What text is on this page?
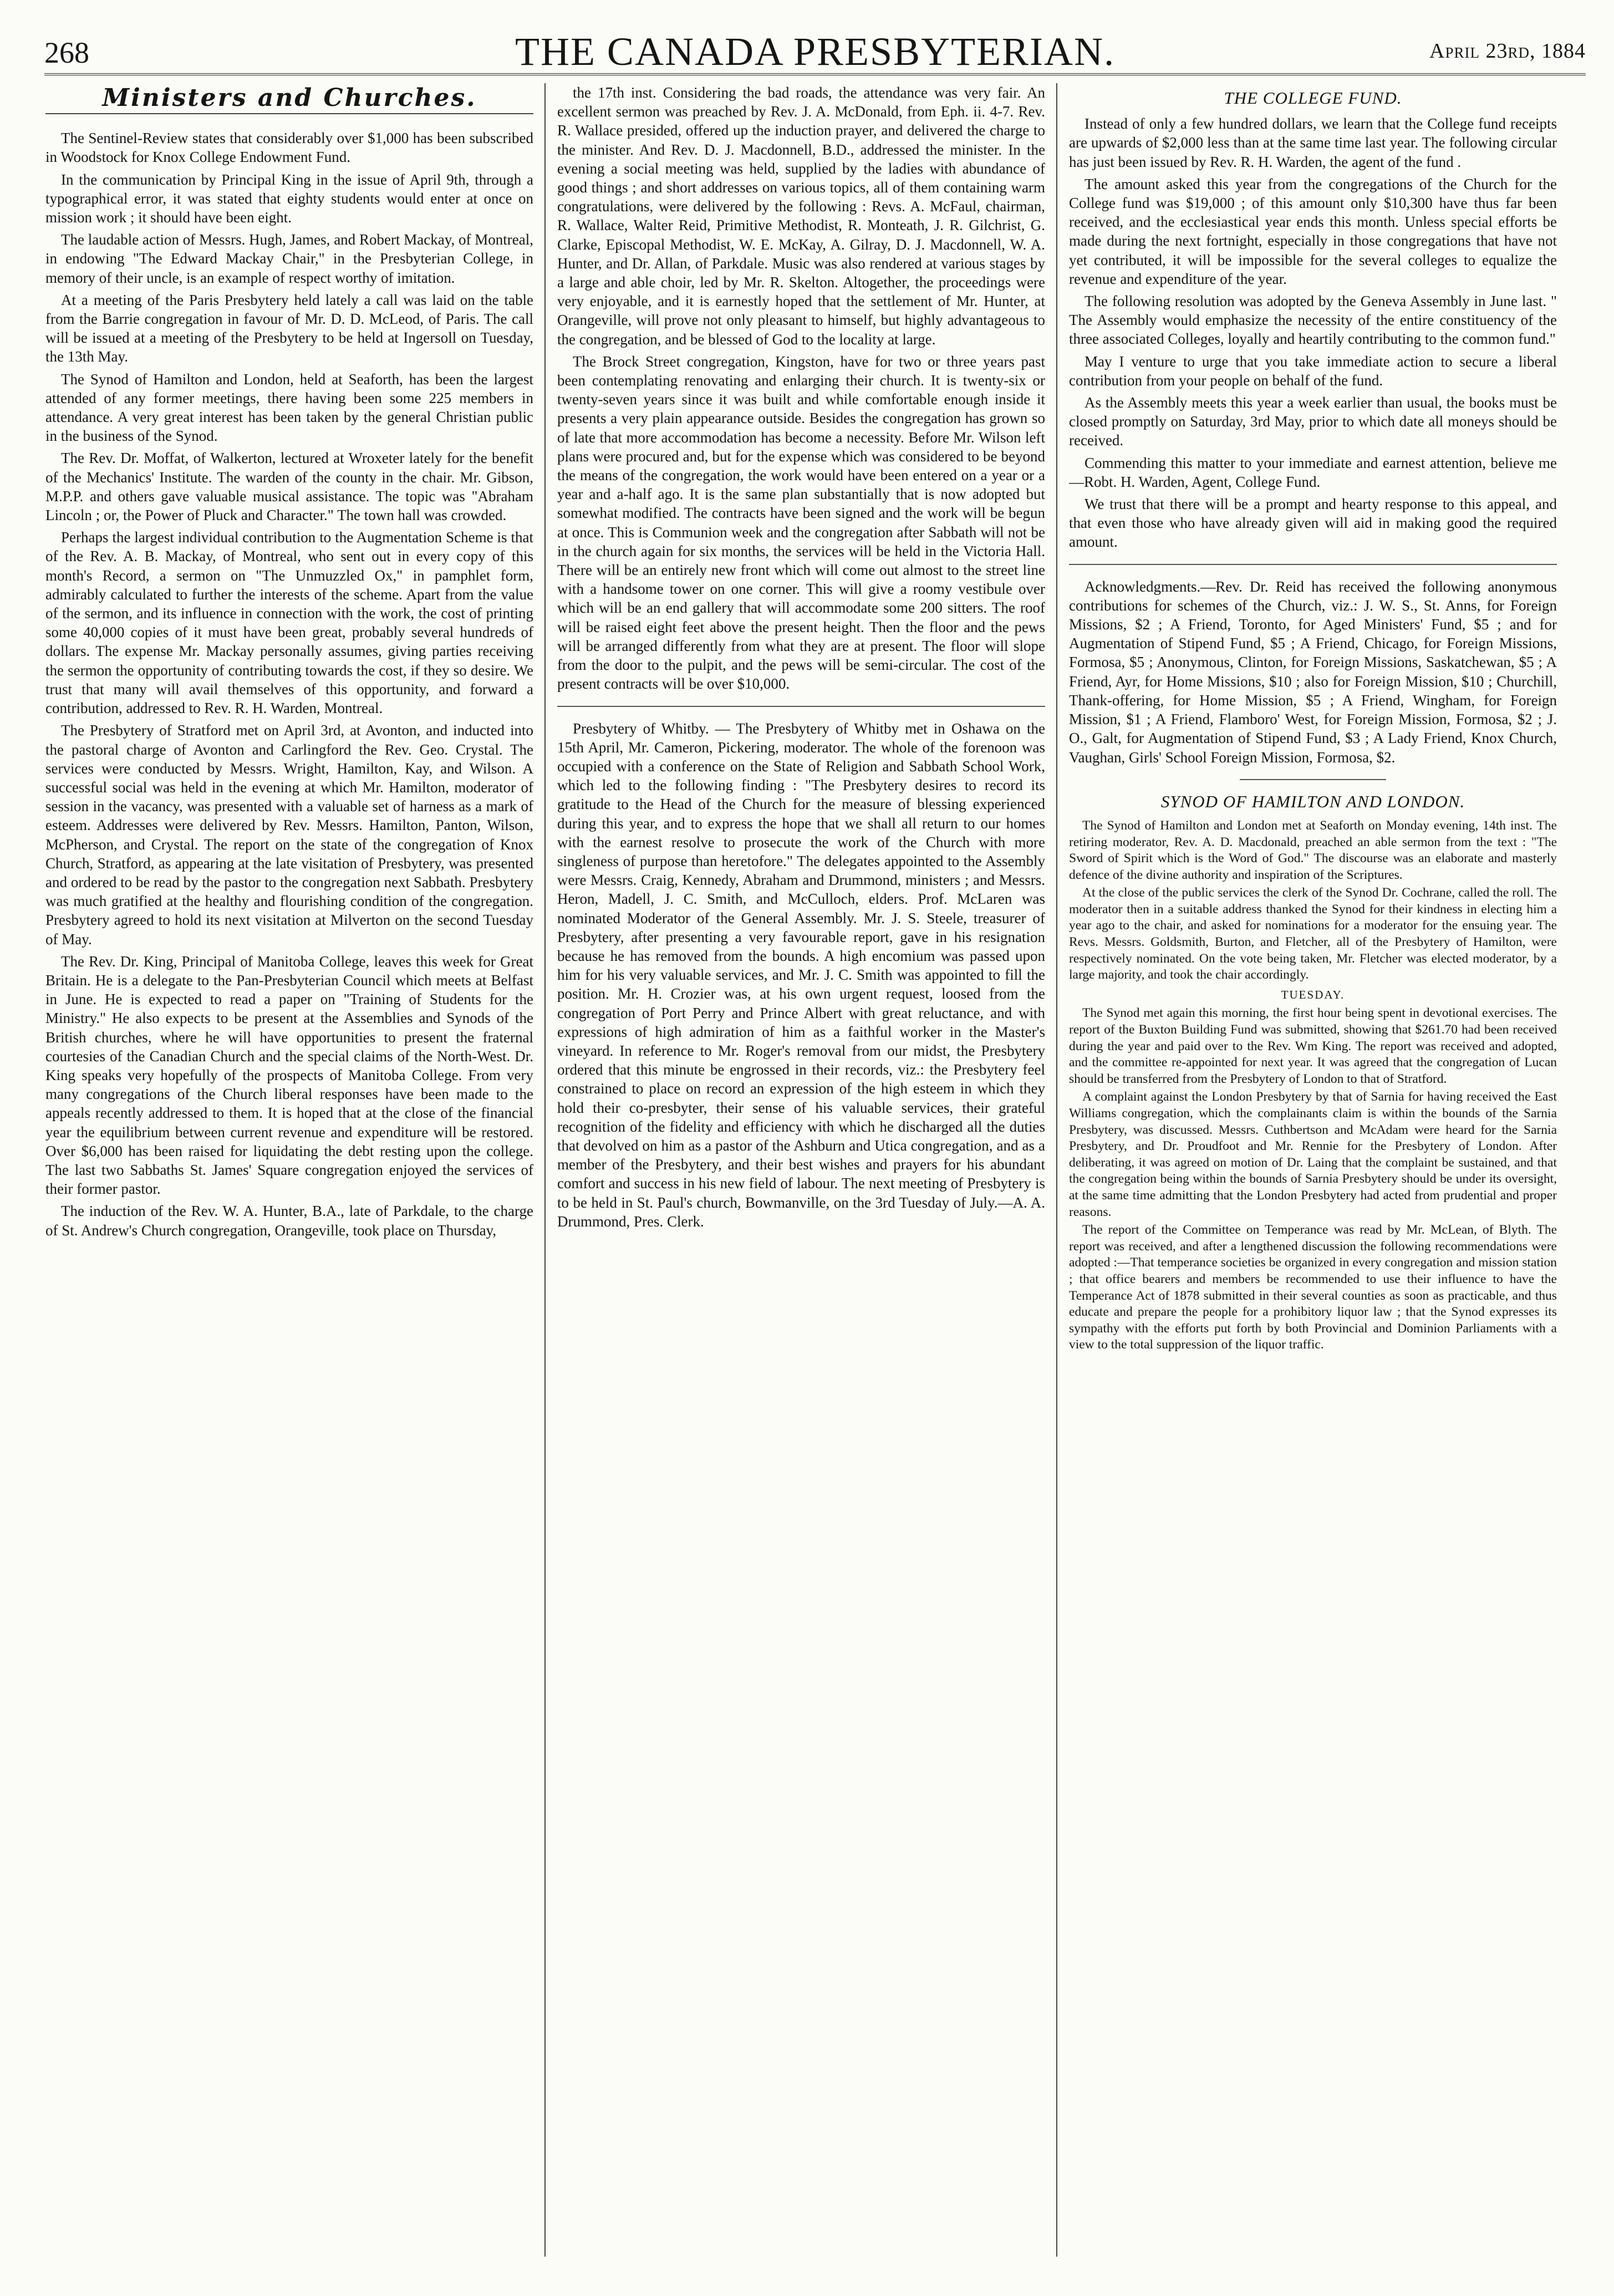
268	THE CANADA PRESBYTERIAN.	April 23rd, 1884
Ministers and Churches.

The Sentinel-Review states that considerably over $1,000 has been subscribed in Woodstock for Knox College Endowment Fund.

In the communication by Principal King in the issue of April 9th, through a typographical error, it was stated that eighty students would enter at once on mission work ; it should have been eight.

The laudable action of Messrs. Hugh, James, and Robert Mackay, of Montreal, in endowing "The Edward Mackay Chair," in the Presbyterian College, in memory of their uncle, is an example of respect worthy of imitation.

At a meeting of the Paris Presbytery held lately a call was laid on the table from the Barrie congregation in favour of Mr. D. D. McLeod, of Paris. The call will be issued at a meeting of the Presbytery to be held at Ingersoll on Tuesday, the 13th May.

The Synod of Hamilton and London, held at Seaforth, has been the largest attended of any former meetings, there having been some 225 members in attendance. A very great interest has been taken by the general Christian public in the business of the Synod.

The Rev. Dr. Moffat, of Walkerton, lectured at Wroxeter lately for the benefit of the Mechanics' Institute. The warden of the county in the chair. Mr. Gibson, M.P.P. and others gave valuable musical assistance. The topic was "Abraham Lincoln ; or, the Power of Pluck and Character." The town hall was crowded.

Perhaps the largest individual contribution to the Augmentation Scheme is that of the Rev. A. B. Mackay, of Montreal, who sent out in every copy of this month's Record, a sermon on "The Unmuzzled Ox," in pamphlet form, admirably calculated to further the interests of the scheme. Apart from the value of the sermon, and its influence in connection with the work, the cost of printing some 40,000 copies of it must have been great, probably several hundreds of dollars. The expense Mr. Mackay personally assumes, giving parties receiving the sermon the opportunity of contributing towards the cost, if they so desire. We trust that many will avail themselves of this opportunity, and forward a contribution, addressed to Rev. R. H. Warden, Montreal.

The Presbytery of Stratford met on April 3rd, at Avonton, and inducted into the pastoral charge of Avonton and Carlingford the Rev. Geo. Crystal. The services were conducted by Messrs. Wright, Hamilton, Kay, and Wilson. A successful social was held in the evening at which Mr. Hamilton, moderator of session in the vacancy, was presented with a valuable set of harness as a mark of esteem. Addresses were delivered by Rev. Messrs. Hamilton, Panton, Wilson, McPherson, and Crystal. The report on the state of the congregation of Knox Church, Stratford, as appearing at the late visitation of Presbytery, was presented and ordered to be read by the pastor to the congregation next Sabbath. Presbytery was much gratified at the healthy and flourishing condition of the congregation. Presbytery agreed to hold its next visitation at Milverton on the second Tuesday of May.

The Rev. Dr. King, Principal of Manitoba College, leaves this week for Great Britain. He is a delegate to the Pan-Presbyterian Council which meets at Belfast in June. He is expected to read a paper on "Training of Students for the Ministry." He also expects to be present at the Assemblies and Synods of the British churches, where he will have opportunities to present the fraternal courtesies of the Canadian Church and the special claims of the North-West. Dr. King speaks very hopefully of the prospects of Manitoba College. From very many congregations of the Church liberal responses have been made to the appeals recently addressed to them. It is hoped that at the close of the financial year the equilibrium between current revenue and expenditure will be restored. Over $6,000 has been raised for liquidating the debt resting upon the college. The last two Sabbaths St. James' Square congregation enjoyed the services of their former pastor.

The induction of the Rev. W. A. Hunter, B.A., late of Parkdale, to the charge of St. Andrew's Church congregation, Orangeville, took place on Thursday,

the 17th inst. Considering the bad roads, the attendance was very fair. An excellent sermon was preached by Rev. J. A. McDonald, from Eph. ii. 4-7. Rev. R. Wallace presided, offered up the induction prayer, and delivered the charge to the minister. And Rev. D. J. Macdonnell, B.D., addressed the minister. In the evening a social meeting was held, supplied by the ladies with abundance of good things ; and short addresses on various topics, all of them containing warm congratulations, were delivered by the following : Revs. A. McFaul, chairman, R. Wallace, Walter Reid, Primitive Methodist, R. Monteath, J. R. Gilchrist, G. Clarke, Episcopal Methodist, W. E. McKay, A. Gilray, D. J. Macdonnell, W. A. Hunter, and Dr. Allan, of Parkdale. Music was also rendered at various stages by a large and able choir, led by Mr. R. Skelton. Altogether, the proceedings were very enjoyable, and it is earnestly hoped that the settlement of Mr. Hunter, at Orangeville, will prove not only pleasant to himself, but highly advantageous to the congregation, and be blessed of God to the locality at large.

The Brock Street congregation, Kingston, have for two or three years past been contemplating renovating and enlarging their church. It is twenty-six or twenty-seven years since it was built and while comfortable enough inside it presents a very plain appearance outside. Besides the congregation has grown so of late that more accommodation has become a necessity. Before Mr. Wilson left plans were procured and, but for the expense which was considered to be beyond the means of the congregation, the work would have been entered on a year or a year and a-half ago. It is the same plan substantially that is now adopted but somewhat modified. The contracts have been signed and the work will be begun at once. This is Communion week and the congregation after Sabbath will not be in the church again for six months, the services will be held in the Victoria Hall. There will be an entirely new front which will come out almost to the street line with a handsome tower on one corner. This will give a roomy vestibule over which will be an end gallery that will accommodate some 200 sitters. The roof will be raised eight feet above the present height. Then the floor and the pews will be arranged differently from what they are at present. The floor will slope from the door to the pulpit, and the pews will be semi-circular. The cost of the present contracts will be over $10,000.

Presbytery of Whitby. — The Presbytery of Whitby met in Oshawa on the 15th April, Mr. Cameron, Pickering, moderator. The whole of the forenoon was occupied with a conference on the State of Religion and Sabbath School Work, which led to the following finding : "The Presbytery desires to record its gratitude to the Head of the Church for the measure of blessing experienced during this year, and to express the hope that we shall all return to our homes with the earnest resolve to prosecute the work of the Church with more singleness of purpose than heretofore." The delegates appointed to the Assembly were Messrs. Craig, Kennedy, Abraham and Drummond, ministers ; and Messrs. Heron, Madell, J. C. Smith, and McCulloch, elders. Prof. McLaren was nominated Moderator of the General Assembly. Mr. J. S. Steele, treasurer of Presbytery, after presenting a very favourable report, gave in his resignation because he has removed from the bounds. A high encomium was passed upon him for his very valuable services, and Mr. J. C. Smith was appointed to fill the position. Mr. H. Crozier was, at his own urgent request, loosed from the congregation of Port Perry and Prince Albert with great reluctance, and with expressions of high admiration of him as a faithful worker in the Master's vineyard. In reference to Mr. Roger's removal from our midst, the Presbytery ordered that this minute be engrossed in their records, viz.: the Presbytery feel constrained to place on record an expression of the high esteem in which they hold their co-presbyter, their sense of his valuable services, their grateful recognition of the fidelity and efficiency with which he discharged all the duties that devolved on him as a pastor of the Ashburn and Utica congregation, and as a member of the Presbytery, and their best wishes and prayers for his abundant comfort and success in his new field of labour. The next meeting of Presbytery is to be held in St. Paul's church, Bowmanville, on the 3rd Tuesday of July.—A. A. Drummond, Pres. Clerk.

THE COLLEGE FUND.

Instead of only a few hundred dollars, we learn that the College fund receipts are upwards of $2,000 less than at the same time last year. The following circular has just been issued by Rev. R. H. Warden, the agent of the fund .

The amount asked this year from the congregations of the Church for the College fund was $19,000 ; of this amount only $10,300 have thus far been received, and the ecclesiastical year ends this month. Unless special efforts be made during the next fortnight, especially in those congregations that have not yet contributed, it will be impossible for the several colleges to equalize the revenue and expenditure of the year.

The following resolution was adopted by the Geneva Assembly in June last. " The Assembly would emphasize the necessity of the entire constituency of the three associated Colleges, loyally and heartily contributing to the common fund."

May I venture to urge that you take immediate action to secure a liberal contribution from your people on behalf of the fund.

As the Assembly meets this year a week earlier than usual, the books must be closed promptly on Saturday, 3rd May, prior to which date all moneys should be received.

Commending this matter to your immediate and earnest attention, believe me—Robt. H. Warden, Agent, College Fund.

We trust that there will be a prompt and hearty response to this appeal, and that even those who have already given will aid in making good the required amount.

Acknowledgments.—Rev. Dr. Reid has received the following anonymous contributions for schemes of the Church, viz.: J. W. S., St. Anns, for Foreign Missions, $2 ; A Friend, Toronto, for Aged Ministers' Fund, $5 ; and for Augmentation of Stipend Fund, $5 ; A Friend, Chicago, for Foreign Missions, Formosa, $5 ; Anonymous, Clinton, for Foreign Missions, Saskatchewan, $5 ; A Friend, Ayr, for Home Missions, $10 ; also for Foreign Mission, $10 ; Churchill, Thank-offering, for Home Mission, $5 ; A Friend, Wingham, for Foreign Mission, $1 ; A Friend, Flamboro' West, for Foreign Mission, Formosa, $2 ; J. O., Galt, for Augmentation of Stipend Fund, $3 ; A Lady Friend, Knox Church, Vaughan, Girls' School Foreign Mission, Formosa, $2.

SYNOD OF HAMILTON AND LONDON.

The Synod of Hamilton and London met at Seaforth on Monday evening, 14th inst. The retiring moderator, Rev. A. D. Macdonald, preached an able sermon from the text : "The Sword of Spirit which is the Word of God." The discourse was an elaborate and masterly defence of the divine authority and inspiration of the Scriptures.

At the close of the public services the clerk of the Synod Dr. Cochrane, called the roll. The moderator then in a suitable address thanked the Synod for their kindness in electing him a year ago to the chair, and asked for nominations for a moderator for the ensuing year. The Revs. Messrs. Goldsmith, Burton, and Fletcher, all of the Presbytery of Hamilton, were respectively nominated. On the vote being taken, Mr. Fletcher was elected moderator, by a large majority, and took the chair accordingly.

TUESDAY.

The Synod met again this morning, the first hour being spent in devotional exercises. The report of the Buxton Building Fund was submitted, showing that $261.70 had been received during the year and paid over to the Rev. Wm King. The report was received and adopted, and the committee re-appointed for next year. It was agreed that the congregation of Lucan should be transferred from the Presbytery of London to that of Stratford.

A complaint against the London Presbytery by that of Sarnia for having received the East Williams congregation, which the complainants claim is within the bounds of the Sarnia Presbytery, was discussed. Messrs. Cuthbertson and McAdam were heard for the Sarnia Presbytery, and Dr. Proudfoot and Mr. Rennie for the Presbytery of London. After deliberating, it was agreed on motion of Dr. Laing that the complaint be sustained, and that the congregation being within the bounds of Sarnia Presbytery should be under its oversight, at the same time admitting that the London Presbytery had acted from prudential and proper reasons.

The report of the Committee on Temperance was read by Mr. McLean, of Blyth. The report was received, and after a lengthened discussion the following recommendations were adopted :—That temperance societies be organized in every congregation and mission station ; that office bearers and members be recommended to use their influence to have the Temperance Act of 1878 submitted in their several counties as soon as practicable, and thus educate and prepare the people for a prohibitory liquor law ; that the Synod expresses its sympathy with the efforts put forth by both Provincial and Dominion Parliaments with a view to the total suppression of the liquor traffic.
